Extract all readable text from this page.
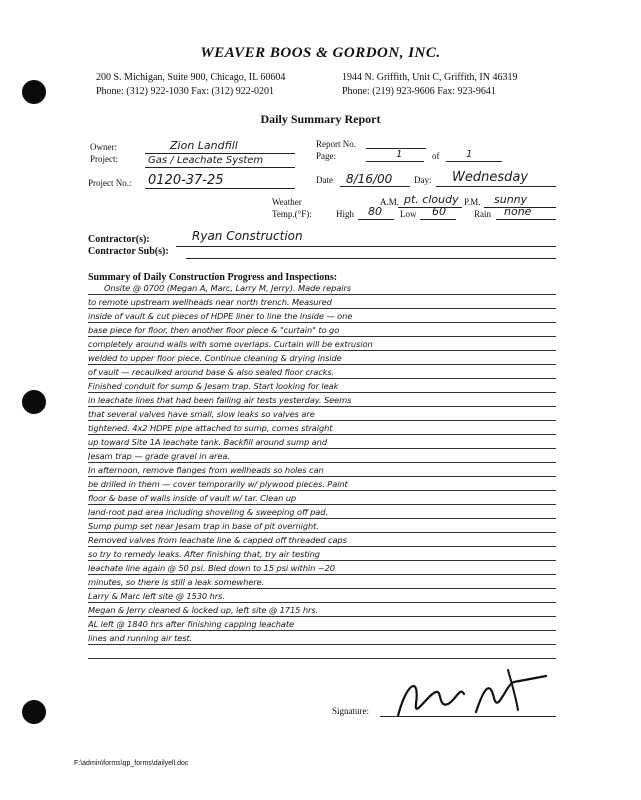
WEAVER BOOS & GORDON, INC.
200 S. Michigan, Suite 900, Chicago, IL 60604
Phone: (312) 922-1030 Fax: (312) 922-0201
1944 N. Griffith, Unit C, Griffith, IN 46319
Phone: (219) 923-9606 Fax: 923-9641
Daily Summary Report
Owner:	Zion Landfill
Project:	Gas / Leachate System
Project No.: 0120-37-25
Report No.
Page:	1	of	1
Date 8/16/00 Day: Wednesday
Weather	A.M. pt. cloudy P.M. sunny
Temp.(°F):	High 80 Low 60	Rain none
Contractor(s):	Ryan Construction
Contractor Sub(s):
Summary of Daily Construction Progress and Inspections:
Onsite @ 0700 (Megan A, Marc, Larry M, Jerry). Made repairs
to remote upstream wellheads near north trench. Measured
inside of vault & cut pieces of HDPE liner to line the inside — one
base piece for floor, then another floor piece & "curtain" to go
completely around walls with some overlaps. Curtain will be extrusion
welded to upper floor piece. Continue cleaning & drying inside
of vault — recaulked around base & also sealed floor cracks.
Finished conduit for sump & Jesam trap. Start looking for leak
in leachate lines that had been failing air tests yesterday. Seems
that several valves have small, slow leaks so valves are
tightened. 4x2 HDPE pipe attached to sump, comes straight
up toward Site 1A leachate tank. Backfill around sump and
Jesam trap — grade gravel in area.
In afternoon, remove flanges from wellheads so holes can
be drilled in them — cover temporarily w/ plywood pieces. Paint
floor & base of walls inside of vault w/ tar. Clean up
land-root pad area including shoveling & sweeping off pad.
Sump pump set near Jesam trap in base of pit overnight.
Removed valves from leachate line & capped off threaded caps
so try to remedy leaks. After finishing that, try air testing
leachate line again @ 50 psi. Bled down to 15 psi within ~20
minutes, so there is still a leak somewhere.
Larry & Marc left site @ 1530 hrs.
Megan & Jerry cleaned & locked up, left site @ 1715 hrs.
AL left @ 1840 hrs after finishing capping leachate
lines and running air test.
Signature:
F:\admin\forms\qp_forms\dailyell.doc
